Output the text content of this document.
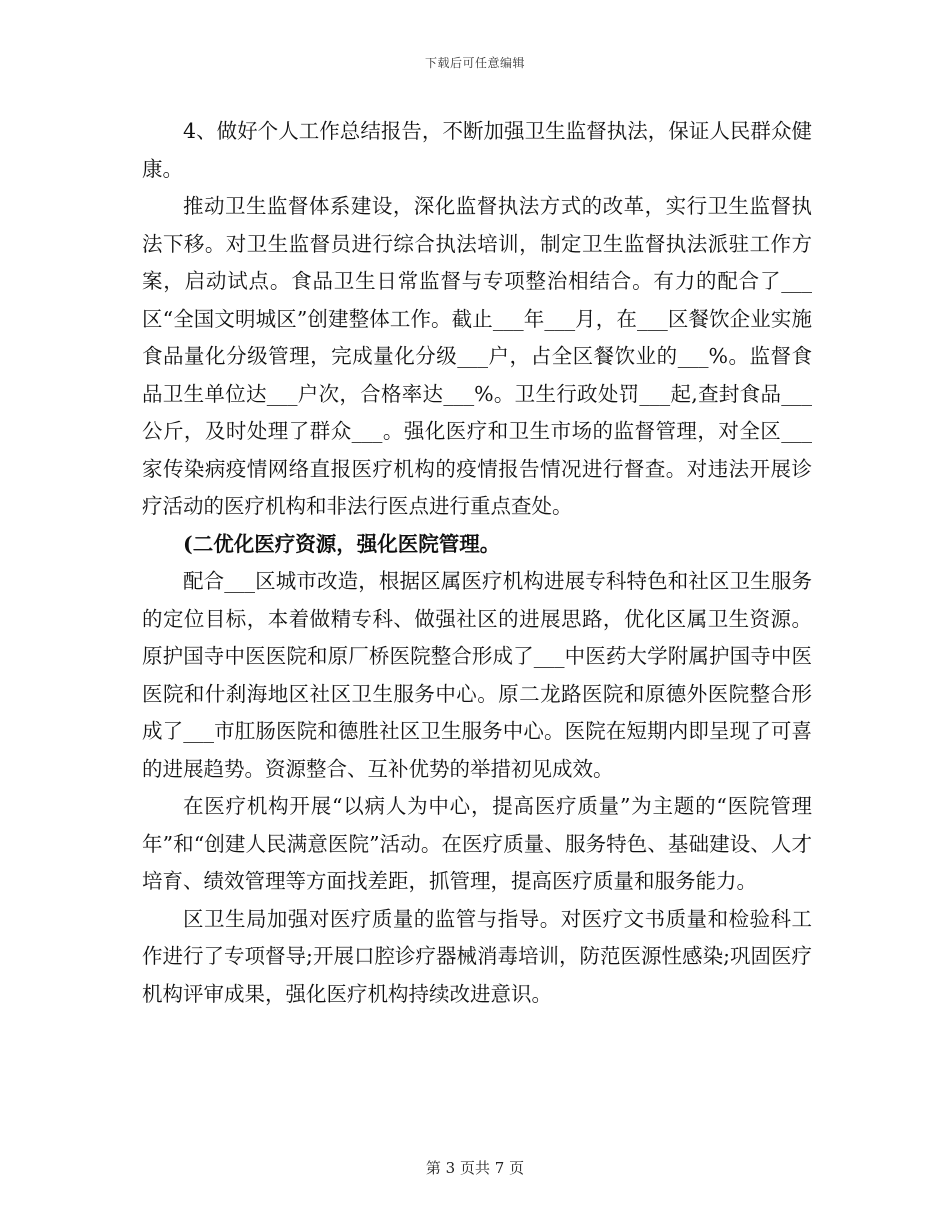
下载后可任意编辑

4、做好个人工作总结报告，不断加强卫生监督执法，保证人民群众健康。

推动卫生监督体系建设，深化监督执法方式的改革，实行卫生监督执法下移。对卫生监督员进行综合执法培训，制定卫生监督执法派驻工作方案，启动试点。食品卫生日常监督与专项整治相结合。有力的配合了___区“全国文明城区”创建整体工作。截止___年___月，在___区餐饮企业实施食品量化分级管理，完成量化分级___户，占全区餐饮业的___%。监督食品卫生单位达___户次，合格率达___%。卫生行政处罚___起,查封食品___公斤，及时处理了群众___。强化医疗和卫生市场的监督管理，对全区___家传染病疫情网络直报医疗机构的疫情报告情况进行督查。对违法开展诊疗活动的医疗机构和非法行医点进行重点查处。

(二优化医疗资源，强化医院管理。

配合___区城市改造，根据区属医疗机构进展专科特色和社区卫生服务的定位目标，本着做精专科、做强社区的进展思路，优化区属卫生资源。原护国寺中医医院和原厂桥医院整合形成了___中医药大学附属护国寺中医医院和什刹海地区社区卫生服务中心。原二龙路医院和原德外医院整合形成了___市肛肠医院和德胜社区卫生服务中心。医院在短期内即呈现了可喜的进展趋势。资源整合、互补优势的举措初见成效。

在医疗机构开展“以病人为中心，提高医疗质量”为主题的“医院管理年”和“创建人民满意医院”活动。在医疗质量、服务特色、基础建设、人才培育、绩效管理等方面找差距，抓管理，提高医疗质量和服务能力。

区卫生局加强对医疗质量的监管与指导。对医疗文书质量和检验科工作进行了专项督导;开展口腔诊疗器械消毒培训，防范医源性感染;巩固医疗机构评审成果，强化医疗机构持续改进意识。

第 3 页共 7 页
